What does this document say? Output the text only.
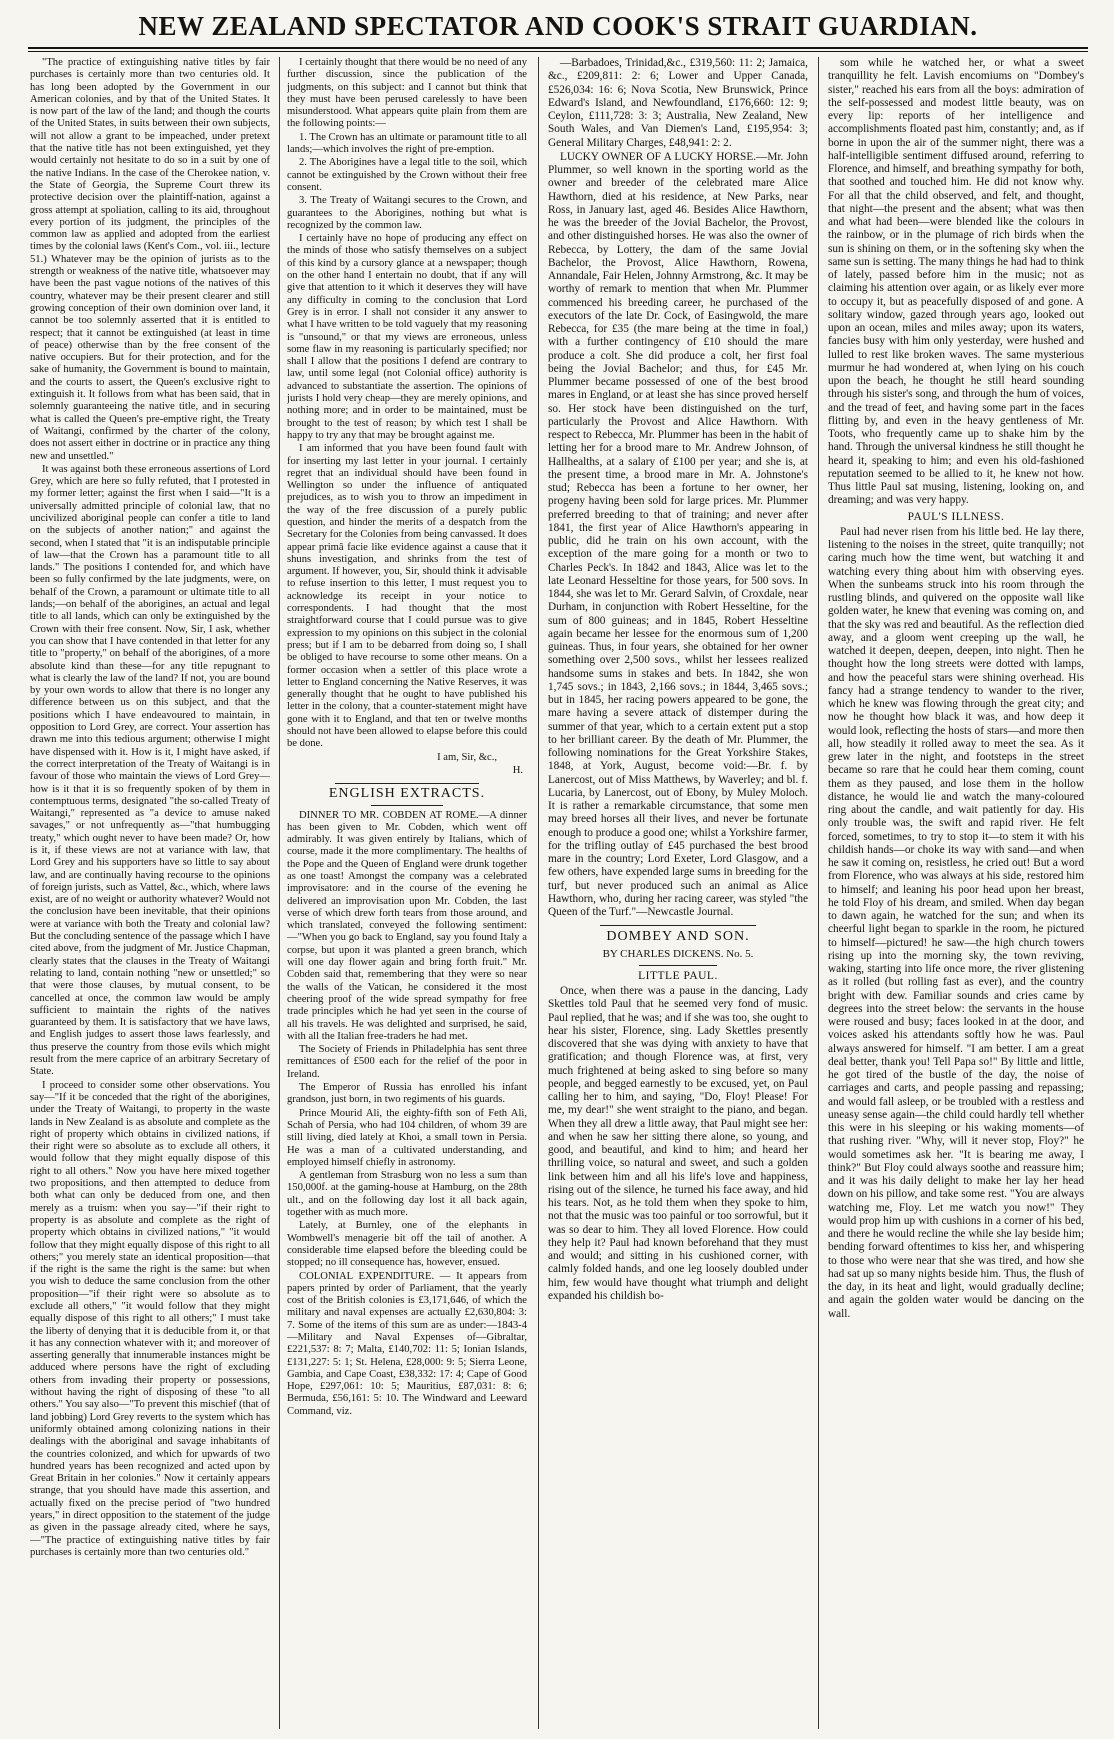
NEW ZEALAND SPECTATOR AND COOK'S STRAIT GUARDIAN.

"The practice of extinguishing native titles by fair purchases is certainly more than two centuries old. It has long been adopted by the Government in our American colonies, and by that of the United States. It is now part of the law of the land; and though the courts of the United States, in suits between their own subjects, will not allow a grant to be impeached, under pretext that the native title has not been extinguished, yet they would certainly not hesitate to do so in a suit by one of the native Indians. In the case of the Cherokee nation, v. the State of Georgia, the Supreme Court threw its protective decision over the plaintiff-nation, against a gross attempt at spoliation, calling to its aid, throughout every portion of its judgment, the principles of the common law as applied and adopted from the earliest times by the colonial laws (Kent's Com., vol. iii., lecture 51.) Whatever may be the opinion of jurists as to the strength or weakness of the native title, whatsoever may have been the past vague notions of the natives of this country, whatever may be their present clearer and still growing conception of their own dominion over land, it cannot be too solemnly asserted that it is entitled to respect; that it cannot be extinguished (at least in time of peace) otherwise than by the free consent of the native occupiers. But for their protection, and for the sake of humanity, the Government is bound to maintain, and the courts to assert, the Queen's exclusive right to extinguish it. It follows from what has been said, that in solemnly guaranteeing the native title, and in securing what is called the Queen's pre-emptive right, the Treaty of Waitangi, confirmed by the charter of the colony, does not assert either in doctrine or in practice any thing new and unsettled."

It was against both these erroneous assertions of Lord Grey, which are here so fully refuted, that I protested in my former letter; against the first when I said—"It is a universally admitted principle of colonial law, that no uncivilized aboriginal people can confer a title to land on the subjects of another nation;" and against the second, when I stated that "it is an indisputable principle of law—that the Crown has a paramount title to all lands." The positions I contended for, and which have been so fully confirmed by the late judgments, were, on behalf of the Crown, a paramount or ultimate title to all lands;—on behalf of the aborigines, an actual and legal title to all lands, which can only be extinguished by the Crown with their free consent. Now, Sir, I ask, whether you can show that I have contended in that letter for any title to "property," on behalf of the aborigines, of a more absolute kind than these—for any title repugnant to what is clearly the law of the land? If not, you are bound by your own words to allow that there is no longer any difference between us on this subject, and that the positions which I have endeavoured to maintain, in opposition to Lord Grey, are correct. Your assertion has drawn me into this tedious argument; otherwise I might have dispensed with it. How is it, I might have asked, if the correct interpretation of the Treaty of Waitangi is in favour of those who maintain the views of Lord Grey—how is it that it is so frequently spoken of by them in contemptuous terms, designated "the so-called Treaty of Waitangi," represented as "a device to amuse naked savages," or not unfrequently as—"that humbugging treaty," which ought never to have been made? Or, how is it, if these views are not at variance with law, that Lord Grey and his supporters have so little to say about law, and are continually having recourse to the opinions of foreign jurists, such as Vattel, &c., which, where laws exist, are of no weight or authority whatever? Would not the conclusion have been inevitable, that their opinions were at variance with both the Treaty and colonial law? But the concluding sentence of the passage which I have cited above, from the judgment of Mr. Justice Chapman, clearly states that the clauses in the Treaty of Waitangi relating to land, contain nothing "new or unsettled;" so that were those clauses, by mutual consent, to be cancelled at once, the common law would be amply sufficient to maintain the rights of the natives guaranteed by them. It is satisfactory that we have laws, and English judges to assert those laws fearlessly, and thus preserve the country from those evils which might result from the mere caprice of an arbitrary Secretary of State.

I proceed to consider some other observations. You say—"If it be conceded that the right of the aborigines, under the Treaty of Waitangi, to property in the waste lands in New Zealand is as absolute and complete as the right of property which obtains in civilized nations, if their right were so absolute as to exclude all others, it would follow that they might equally dispose of this right to all others." Now you have here mixed together two propositions, and then attempted to deduce from both what can only be deduced from one, and then merely as a truism: when you say—"if their right to property is as absolute and complete as the right of property which obtains in civilized nations," "it would follow that they might equally dispose of this right to all others;" you merely state an identical proposition—that if the right is the same the right is the same: but when you wish to deduce the same conclusion from the other proposition—"if their right were so absolute as to exclude all others," "it would follow that they might equally dispose of this right to all others;" I must take the liberty of denying that it is deducible from it, or that it has any connection whatever with it; and moreover of asserting generally that innumerable instances might be adduced where persons have the right of excluding others from invading their property or possessions, without having the right of disposing of these "to all others." You say also—"To prevent this mischief (that of land jobbing) Lord Grey reverts to the system which has uniformly obtained among colonizing nations in their dealings with the aboriginal and savage inhabitants of the countries colonized, and which for upwards of two hundred years has been recognized and acted upon by Great Britain in her colonies." Now it certainly appears strange, that you should have made this assertion, and actually fixed on the precise period of "two hundred years," in direct opposition to the statement of the judge as given in the passage already cited, where he says,—"The practice of extinguishing native titles by fair purchases is certainly more than two centuries old."

I certainly thought that there would be no need of any further discussion, since the publication of the judgments, on this subject: and I cannot but think that they must have been perused carelessly to have been misunderstood. What appears quite plain from them are the following points:—

1. The Crown has an ultimate or paramount title to all lands;—which involves the right of pre-emption.

2. The Aborigines have a legal title to the soil, which cannot be extinguished by the Crown without their free consent.

3. The Treaty of Waitangi secures to the Crown, and guarantees to the Aborigines, nothing but what is recognized by the common law.

I certainly have no hope of producing any effect on the minds of those who satisfy themselves on a subject of this kind by a cursory glance at a newspaper; though on the other hand I entertain no doubt, that if any will give that attention to it which it deserves they will have any difficulty in coming to the conclusion that Lord Grey is in error. I shall not consider it any answer to what I have written to be told vaguely that my reasoning is "unsound," or that my views are erroneous, unless some flaw in my reasoning is particularly specified; nor shall I allow that the positions I defend are contrary to law, until some legal (not Colonial office) authority is advanced to substantiate the assertion. The opinions of jurists I hold very cheap—they are merely opinions, and nothing more; and in order to be maintained, must be brought to the test of reason; by which test I shall be happy to try any that may be brought against me.

I am informed that you have been found fault with for inserting my last letter in your journal. I certainly regret that an individual should have been found in Wellington so under the influence of antiquated prejudices, as to wish you to throw an impediment in the way of the free discussion of a purely public question, and hinder the merits of a despatch from the Secretary for the Colonies from being canvassed. It does appear primâ facie like evidence against a cause that it shuns investigation, and shrinks from the test of argument. If however, you, Sir, should think it advisable to refuse insertion to this letter, I must request you to acknowledge its receipt in your notice to correspondents. I had thought that the most straightforward course that I could pursue was to give expression to my opinions on this subject in the colonial press; but if I am to be debarred from doing so, I shall be obliged to have recourse to some other means. On a former occasion when a settler of this place wrote a letter to England concerning the Native Reserves, it was generally thought that he ought to have published his letter in the colony, that a counter-statement might have gone with it to England, and that ten or twelve months should not have been allowed to elapse before this could be done.

I am, Sir, &c.,

H.
ENGLISH EXTRACTS.

DINNER TO MR. COBDEN AT ROME.—A dinner has been given to Mr. Cobden, which went off admirably. It was given entirely by Italians, which of course, made it the more complimentary. The healths of the Pope and the Queen of England were drunk together as one toast! Amongst the company was a celebrated improvisatore: and in the course of the evening he delivered an improvisation upon Mr. Cobden, the last verse of which drew forth tears from those around, and which translated, conveyed the following sentiment:—"When you go back to England, say you found Italy a corpse, but upon it was planted a green branch, which will one day flower again and bring forth fruit." Mr. Cobden said that, remembering that they were so near the walls of the Vatican, he considered it the most cheering proof of the wide spread sympathy for free trade principles which he had yet seen in the course of all his travels. He was delighted and surprised, he said, with all the Italian free-traders he had met.

The Society of Friends in Philadelphia has sent three remittances of £500 each for the relief of the poor in Ireland.

The Emperor of Russia has enrolled his infant grandson, just born, in two regiments of his guards.

Prince Mourid Ali, the eighty-fifth son of Feth Ali, Schah of Persia, who had 104 children, of whom 39 are still living, died lately at Khoi, a small town in Persia. He was a man of a cultivated understanding, and employed himself chiefly in astronomy.

A gentleman from Strasburg won no less a sum than 150,000f. at the gaming-house at Hamburg, on the 28th ult., and on the following day lost it all back again, together with as much more.

Lately, at Burnley, one of the elephants in Wombwell's menagerie bit off the tail of another. A considerable time elapsed before the bleeding could be stopped; no ill consequence has, however, ensued.

COLONIAL EXPENDITURE. — It appears from papers printed by order of Parliament, that the yearly cost of the British colonies is £3,171,646, of which the military and naval expenses are actually £2,630,804: 3: 7. Some of the items of this sum are as under:—1843-4—Military and Naval Expenses of—Gibraltar, £221,537: 8: 7; Malta, £140,702: 11: 5; Ionian Islands, £131,227: 5: 1; St. Helena, £28,000: 9: 5; Sierra Leone, Gambia, and Cape Coast, £38,332: 17: 4; Cape of Good Hope, £297,061: 10: 5; Mauritius, £87,031: 8: 6; Bermuda, £56,161: 5: 10. The Windward and Leeward Command, viz.

—Barbadoes, Trinidad,&c., £319,560: 11: 2; Jamaica, &c., £209,811: 2: 6; Lower and Upper Canada, £526,034: 16: 6; Nova Scotia, New Brunswick, Prince Edward's Island, and Newfoundland, £176,660: 12: 9; Ceylon, £111,728: 3: 3; Australia, New Zealand, New South Wales, and Van Diemen's Land, £195,954: 3; General Military Charges, £48,941: 2: 2.

LUCKY OWNER OF A LUCKY HORSE.—Mr. John Plummer, so well known in the sporting world as the owner and breeder of the celebrated mare Alice Hawthorn, died at his residence, at New Parks, near Ross, in January last, aged 46. Besides Alice Hawthorn, he was the breeder of the Jovial Bachelor, the Provost, and other distinguished horses. He was also the owner of Rebecca, by Lottery, the dam of the same Jovial Bachelor, the Provost, Alice Hawthorn, Rowena, Annandale, Fair Helen, Johnny Armstrong, &c. It may be worthy of remark to mention that when Mr. Plummer commenced his breeding career, he purchased of the executors of the late Dr. Cock, of Easingwold, the mare Rebecca, for £35 (the mare being at the time in foal,) with a further contingency of £10 should the mare produce a colt. She did produce a colt, her first foal being the Jovial Bachelor; and thus, for £45 Mr. Plummer became possessed of one of the best brood mares in England, or at least she has since proved herself so. Her stock have been distinguished on the turf, particularly the Provost and Alice Hawthorn. With respect to Rebecca, Mr. Plummer has been in the habit of letting her for a brood mare to Mr. Andrew Johnson, of Hallhealths, at a salary of £100 per year; and she is, at the present time, a brood mare in Mr. A. Johnstone's stud; Rebecca has been a fortune to her owner, her progeny having been sold for large prices. Mr. Plummer preferred breeding to that of training; and never after 1841, the first year of Alice Hawthorn's appearing in public, did he train on his own account, with the exception of the mare going for a month or two to Charles Peck's. In 1842 and 1843, Alice was let to the late Leonard Hesseltine for those years, for 500 sovs. In 1844, she was let to Mr. Gerard Salvin, of Croxdale, near Durham, in conjunction with Robert Hesseltine, for the sum of 800 guineas; and in 1845, Robert Hesseltine again became her lessee for the enormous sum of 1,200 guineas. Thus, in four years, she obtained for her owner something over 2,500 sovs., whilst her lessees realized handsome sums in stakes and bets. In 1842, she won 1,745 sovs.; in 1843, 2,166 sovs.; in 1844, 3,465 sovs.; but in 1845, her racing powers appeared to be gone, the mare having a severe attack of distemper during the summer of that year, which to a certain extent put a stop to her brilliant career. By the death of Mr. Plummer, the following nominations for the Great Yorkshire Stakes, 1848, at York, August, become void:—Br. f. by Lanercost, out of Miss Matthews, by Waverley; and bl. f. Lucaria, by Lanercost, out of Ebony, by Muley Moloch. It is rather a remarkable circumstance, that some men may breed horses all their lives, and never be fortunate enough to produce a good one; whilst a Yorkshire farmer, for the trifling outlay of £45 purchased the best brood mare in the country; Lord Exeter, Lord Glasgow, and a few others, have expended large sums in breeding for the turf, but never produced such an animal as Alice Hawthorn, who, during her racing career, was styled "the Queen of the Turf."—Newcastle Journal.

DOMBEY AND SON.
BY CHARLES DICKENS. No. 5.
LITTLE PAUL.

Once, when there was a pause in the dancing, Lady Skettles told Paul that he seemed very fond of music. Paul replied, that he was; and if she was too, she ought to hear his sister, Florence, sing. Lady Skettles presently discovered that she was dying with anxiety to have that gratification; and though Florence was, at first, very much frightened at being asked to sing before so many people, and begged earnestly to be excused, yet, on Paul calling her to him, and saying, "Do, Floy! Please! For me, my dear!" she went straight to the piano, and began. When they all drew a little away, that Paul might see her: and when he saw her sitting there alone, so young, and good, and beautiful, and kind to him; and heard her thrilling voice, so natural and sweet, and such a golden link between him and all his life's love and happiness, rising out of the silence, he turned his face away, and hid his tears. Not, as he told them when they spoke to him, not that the music was too painful or too sorrowful, but it was so dear to him. They all loved Florence. How could they help it? Paul had known beforehand that they must and would; and sitting in his cushioned corner, with calmly folded hands, and one leg loosely doubled under him, few would have thought what triumph and delight expanded his childish bo-

som while he watched her, or what a sweet tranquillity he felt. Lavish encomiums on "Dombey's sister," reached his ears from all the boys: admiration of the self-possessed and modest little beauty, was on every lip: reports of her intelligence and accomplishments floated past him, constantly; and, as if borne in upon the air of the summer night, there was a half-intelligible sentiment diffused around, referring to Florence, and himself, and breathing sympathy for both, that soothed and touched him. He did not know why. For all that the child observed, and felt, and thought, that night—the present and the absent; what was then and what had been—were blended like the colours in the rainbow, or in the plumage of rich birds when the sun is shining on them, or in the softening sky when the same sun is setting. The many things he had had to think of lately, passed before him in the music; not as claiming his attention over again, or as likely ever more to occupy it, but as peacefully disposed of and gone. A solitary window, gazed through years ago, looked out upon an ocean, miles and miles away; upon its waters, fancies busy with him only yesterday, were hushed and lulled to rest like broken waves. The same mysterious murmur he had wondered at, when lying on his couch upon the beach, he thought he still heard sounding through his sister's song, and through the hum of voices, and the tread of feet, and having some part in the faces flitting by, and even in the heavy gentleness of Mr. Toots, who frequently came up to shake him by the hand. Through the universal kindness he still thought he heard it, speaking to him; and even his old-fashioned reputation seemed to be allied to it, he knew not how. Thus little Paul sat musing, listening, looking on, and dreaming; and was very happy.

PAUL'S ILLNESS.

Paul had never risen from his little bed. He lay there, listening to the noises in the street, quite tranquilly; not caring much how the time went, but watching it and watching every thing about him with observing eyes. When the sunbeams struck into his room through the rustling blinds, and quivered on the opposite wall like golden water, he knew that evening was coming on, and that the sky was red and beautiful. As the reflection died away, and a gloom went creeping up the wall, he watched it deepen, deepen, deepen, into night. Then he thought how the long streets were dotted with lamps, and how the peaceful stars were shining overhead. His fancy had a strange tendency to wander to the river, which he knew was flowing through the great city; and now he thought how black it was, and how deep it would look, reflecting the hosts of stars—and more then all, how steadily it rolled away to meet the sea. As it grew later in the night, and footsteps in the street became so rare that he could hear them coming, count them as they paused, and lose them in the hollow distance, he would lie and watch the many-coloured ring about the candle, and wait patiently for day. His only trouble was, the swift and rapid river. He felt forced, sometimes, to try to stop it—to stem it with his childish hands—or choke its way with sand—and when he saw it coming on, resistless, he cried out! But a word from Florence, who was always at his side, restored him to himself; and leaning his poor head upon her breast, he told Floy of his dream, and smiled. When day began to dawn again, he watched for the sun; and when its cheerful light began to sparkle in the room, he pictured to himself—pictured! he saw—the high church towers rising up into the morning sky, the town reviving, waking, starting into life once more, the river glistening as it rolled (but rolling fast as ever), and the country bright with dew. Familiar sounds and cries came by degrees into the street below: the servants in the house were roused and busy; faces looked in at the door, and voices asked his attendants softly how he was. Paul always answered for himself. "I am better. I am a great deal better, thank you! Tell Papa so!" By little and little, he got tired of the bustle of the day, the noise of carriages and carts, and people passing and repassing; and would fall asleep, or be troubled with a restless and uneasy sense again—the child could hardly tell whether this were in his sleeping or his waking moments—of that rushing river. "Why, will it never stop, Floy?" he would sometimes ask her. "It is bearing me away, I think?" But Floy could always soothe and reassure him; and it was his daily delight to make her lay her head down on his pillow, and take some rest. "You are always watching me, Floy. Let me watch you now!" They would prop him up with cushions in a corner of his bed, and there he would recline the while she lay beside him; bending forward oftentimes to kiss her, and whispering to those who were near that she was tired, and how she had sat up so many nights beside him. Thus, the flush of the day, in its heat and light, would gradually decline; and again the golden water would be dancing on the wall.
